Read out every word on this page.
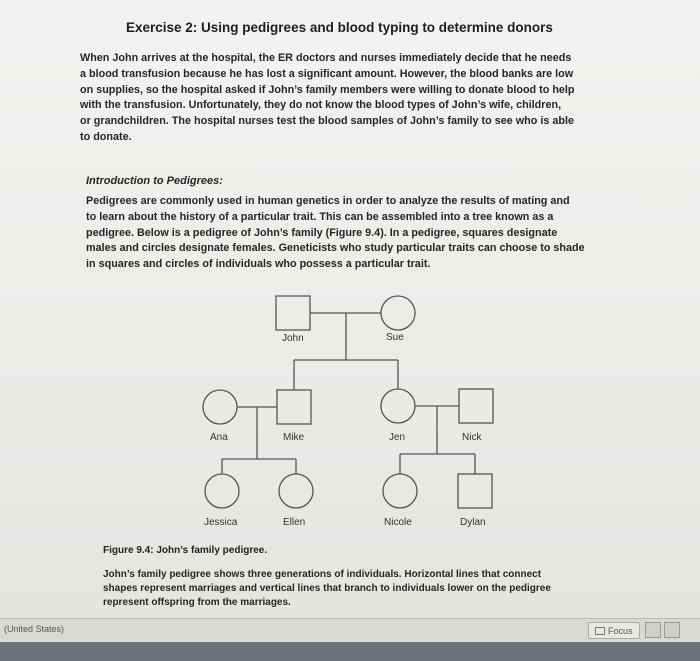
Exercise 2: Using pedigrees and blood typing to determine donors
When John arrives at the hospital, the ER doctors and nurses immediately decide that he needs
a blood transfusion because he has lost a significant amount. However, the blood banks are low
on supplies, so the hospital asked if John’s family members were willing to donate blood to help
with the transfusion. Unfortunately, they do not know the blood types of John’s wife, children,
or grandchildren. The hospital nurses test the blood samples of John’s family to see who is able
to donate.
Introduction to Pedigrees:
Pedigrees are commonly used in human genetics in order to analyze the results of mating and
to learn about the history of a particular trait. This can be assembled into a tree known as a
pedigree. Below is a pedigree of John’s family (Figure 9.4). In a pedigree, squares designate
males and circles designate females. Geneticists who study particular traits can choose to shade
in squares and circles of individuals who possess a particular trait.
John	Sue
Ana	Mike	Jen	Nick
Jessica	Ellen	Nicole	Dylan
Figure 9.4: John’s family pedigree.
John’s family pedigree shows three generations of individuals. Horizontal lines that connect
shapes represent marriages and vertical lines that branch to individuals lower on the pedigree
represent offspring from the marriages.
(United States)	Focus
